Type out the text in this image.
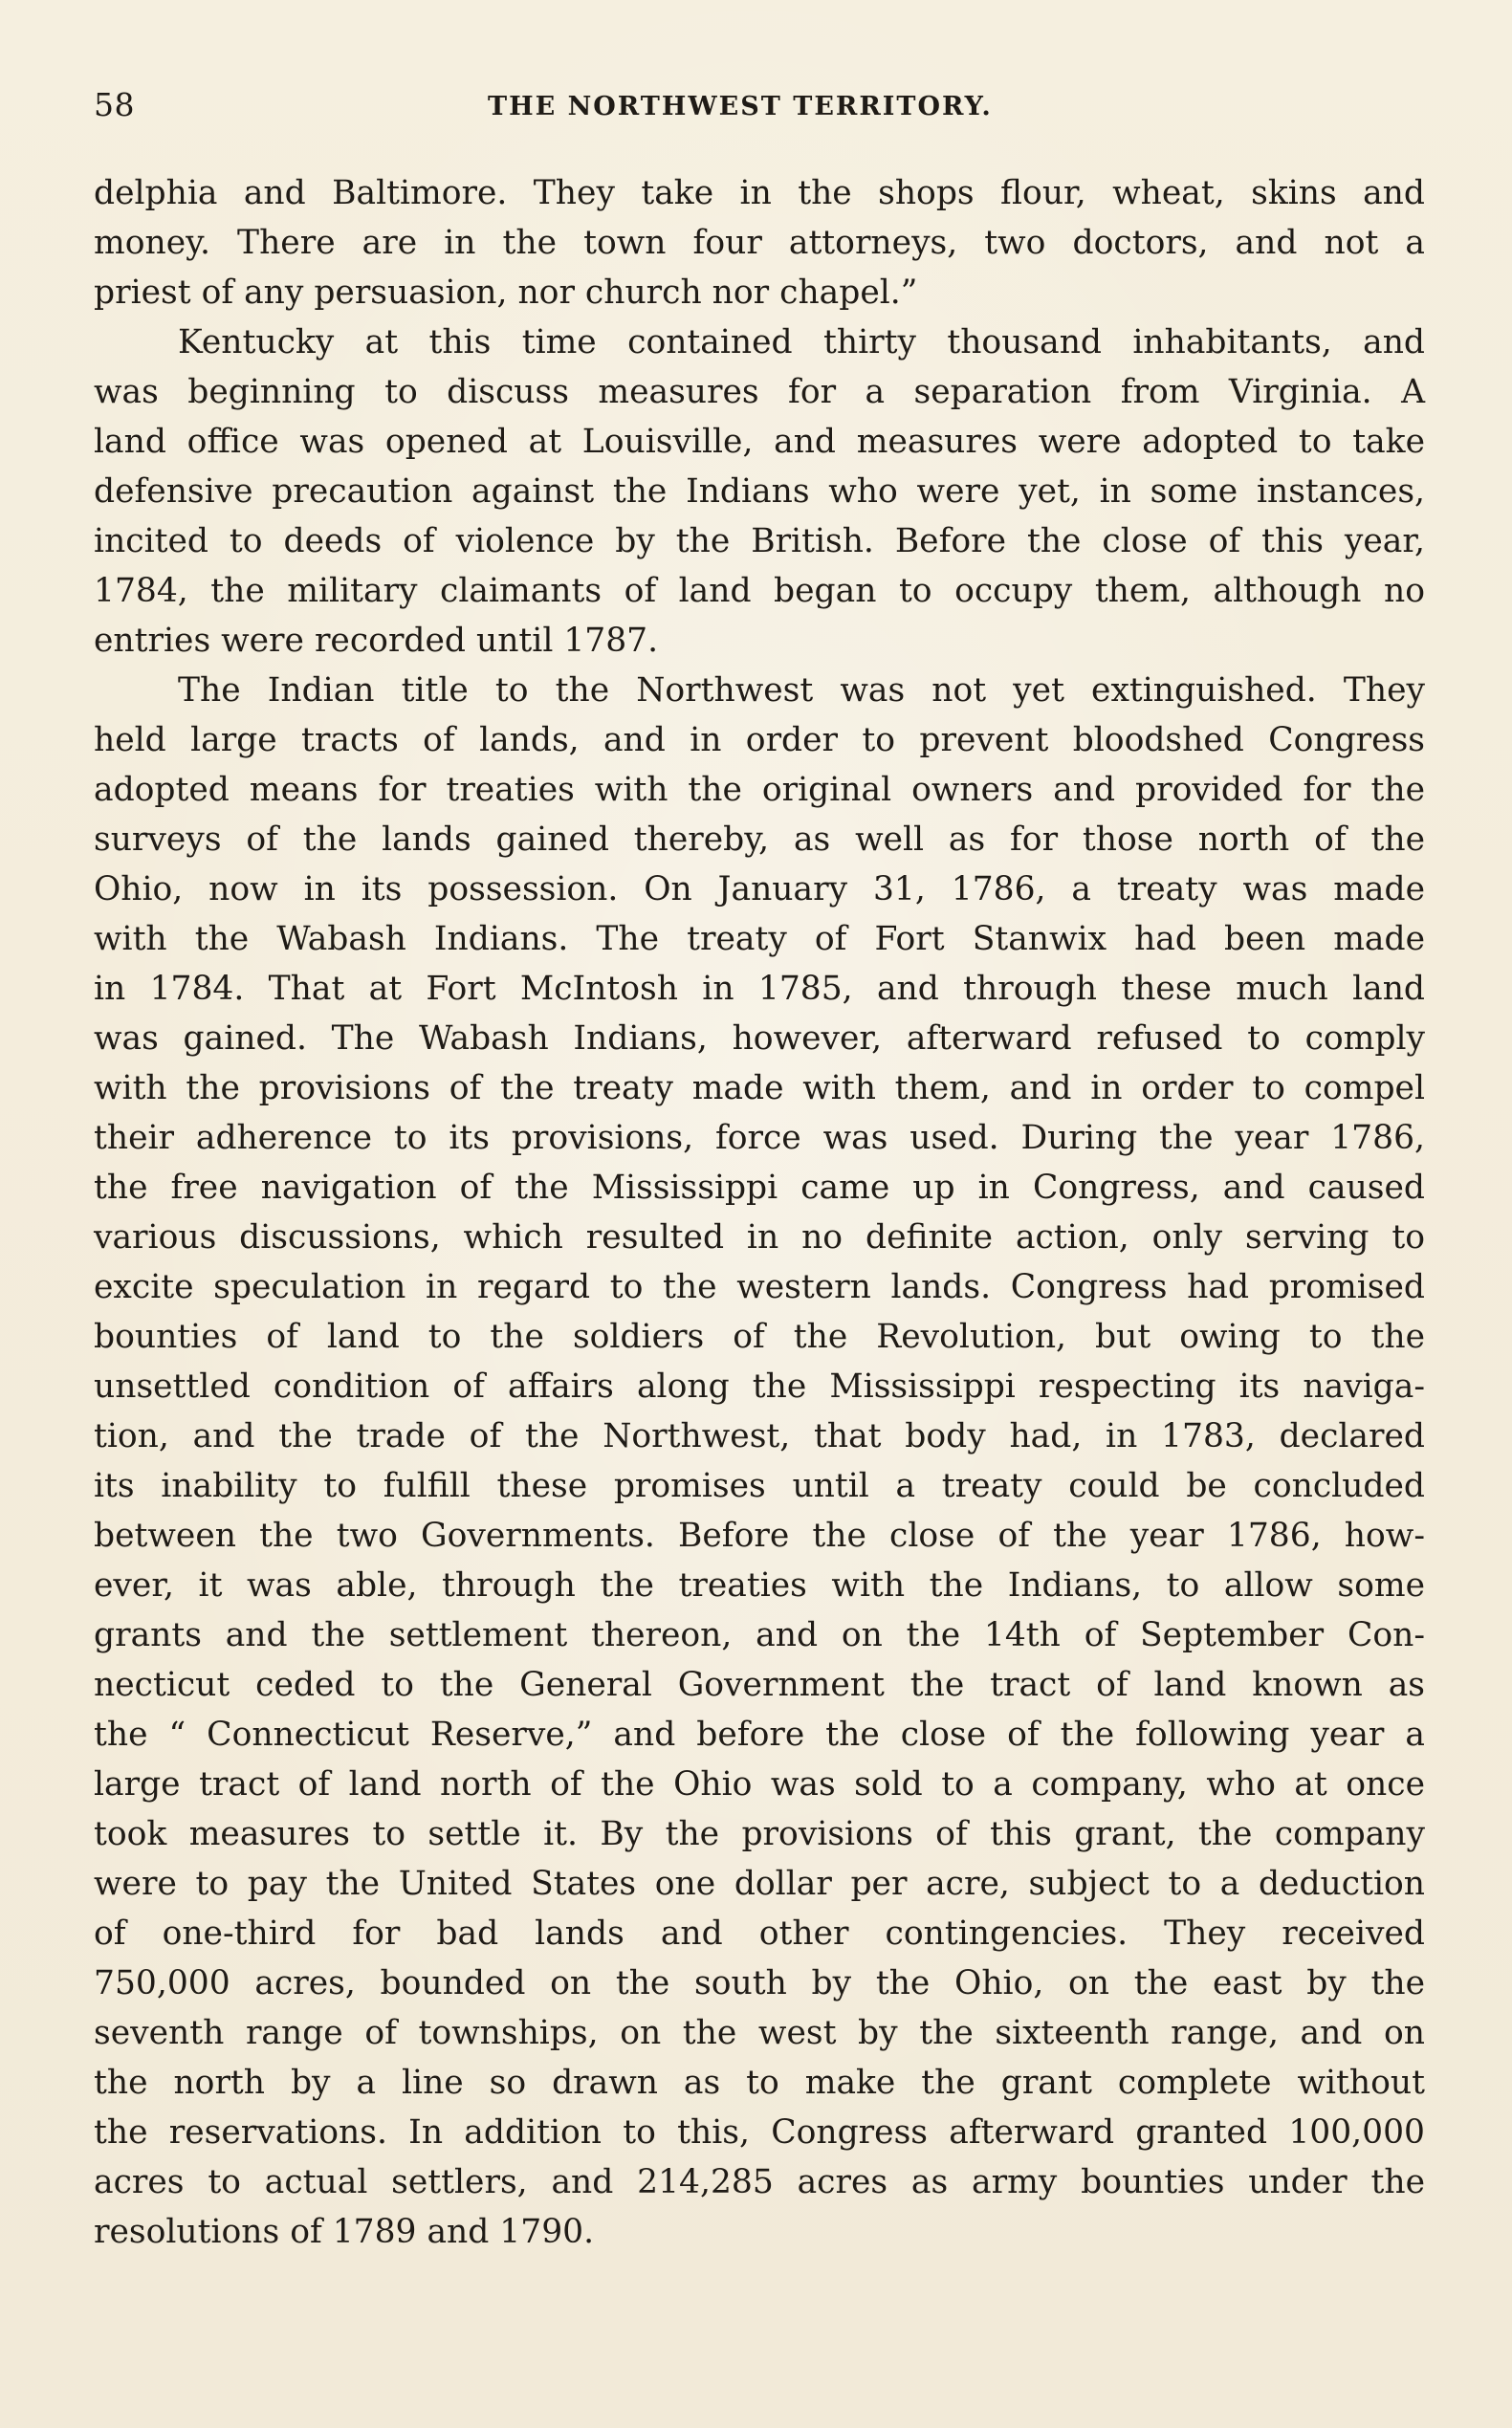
58	THE NORTHWEST TERRITORY.
delphia and Baltimore. They take in the shops flour, wheat, skins and
money. There are in the town four attorneys, two doctors, and not a
priest of any persuasion, nor church nor chapel.”
Kentucky at this time contained thirty thousand inhabitants, and
was beginning to discuss measures for a separation from Virginia. A
land office was opened at Louisville, and measures were adopted to take
defensive precaution against the Indians who were yet, in some instances,
incited to deeds of violence by the British. Before the close of this year,
1784, the military claimants of land began to occupy them, although no
entries were recorded until 1787.
The Indian title to the Northwest was not yet extinguished. They
held large tracts of lands, and in order to prevent bloodshed Congress
adopted means for treaties with the original owners and provided for the
surveys of the lands gained thereby, as well as for those north of the
Ohio, now in its possession. On January 31, 1786, a treaty was made
with the Wabash Indians. The treaty of Fort Stanwix had been made
in 1784. That at Fort McIntosh in 1785, and through these much land
was gained. The Wabash Indians, however, afterward refused to comply
with the provisions of the treaty made with them, and in order to compel
their adherence to its provisions, force was used. During the year 1786,
the free navigation of the Mississippi came up in Congress, and caused
various discussions, which resulted in no definite action, only serving to
excite speculation in regard to the western lands. Congress had promised
bounties of land to the soldiers of the Revolution, but owing to the
unsettled condition of affairs along the Mississippi respecting its naviga-
tion, and the trade of the Northwest, that body had, in 1783, declared
its inability to fulfill these promises until a treaty could be concluded
between the two Governments. Before the close of the year 1786, how-
ever, it was able, through the treaties with the Indians, to allow some
grants and the settlement thereon, and on the 14th of September Con-
necticut ceded to the General Government the tract of land known as
the “ Connecticut Reserve,” and before the close of the following year a
large tract of land north of the Ohio was sold to a company, who at once
took measures to settle it. By the provisions of this grant, the company
were to pay the United States one dollar per acre, subject to a deduction
of one-third for bad lands and other contingencies. They received
750,000 acres, bounded on the south by the Ohio, on the east by the
seventh range of townships, on the west by the sixteenth range, and on
the north by a line so drawn as to make the grant complete without
the reservations. In addition to this, Congress afterward granted 100,000
acres to actual settlers, and 214,285 acres as army bounties under the
resolutions of 1789 and 1790.
